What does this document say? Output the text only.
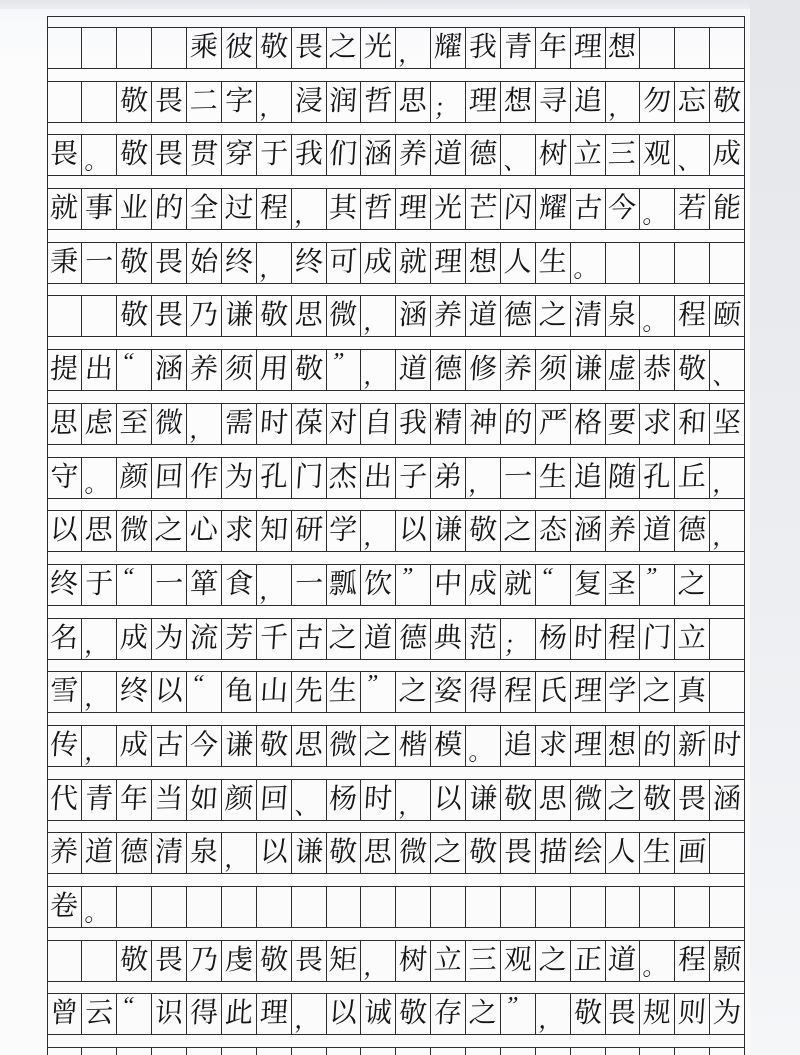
乘 彼 敬 畏 之 光 ， 耀 我 青 年 理 想
敬 畏 二 字 ， 浸 润 哲 思 ； 理 想 寻 追 ， 勿 忘 敬
畏 。 敬 畏 贯 穿 于 我 们 涵 养 道 德 、 树 立 三 观 、 成
就 事 业 的 全 过 程 ， 其 哲 理 光 芒 闪 耀 古 今 。 若 能
秉 一 敬 畏 始 终 ， 终 可 成 就 理 想 人 生 。
敬 畏 乃 谦 敬 思 微 ， 涵 养 道 德 之 清 泉 。 程 颐
提 出 “ 涵 养 须 用 敬 ”
， 道 德 修 养 须 谦 虚 恭 敬 、
思 虑 至 微 ， 需 时 葆 对 自 我 精 神 的 严 格 要 求 和 坚
守 。 颜 回 作 为 孔 门 杰 出 子 弟 ， 一 生 追 随 孔 丘 ，
以 思 微 之 心 求 知 研 学 ， 以 谦 敬 之 态 涵 养 道 德 ，
终 于 “ 一 箪 食 ， 一 瓢 饮 ” 中 成 就 “ 复 圣 ” 之
名 ， 成 为 流 芳 千 古 之 道 德 典 范 ； 杨 时 程 门 立
雪 ， 终 以 “ 龟 山 先 生 ” 之 姿 得 程 氏 理 学 之 真
传 ， 成 古 今 谦 敬 思 微 之 楷 模 。 追 求 理 想 的 新 时
代 青 年 当 如 颜 回 、 杨 时 ， 以 谦 敬 思 微 之 敬 畏 涵
养 道 德 清 泉 ， 以 谦 敬 思 微 之 敬 畏 描 绘 人 生 画
卷 。
敬 畏 乃 虔 敬 畏 矩 ， 树 立 三 观 之 正 道 。 程 颢
曾 云 “ 识 得 此 理 ， 以 诚 敬 存 之 ”
， 敬 畏 规 则 为
